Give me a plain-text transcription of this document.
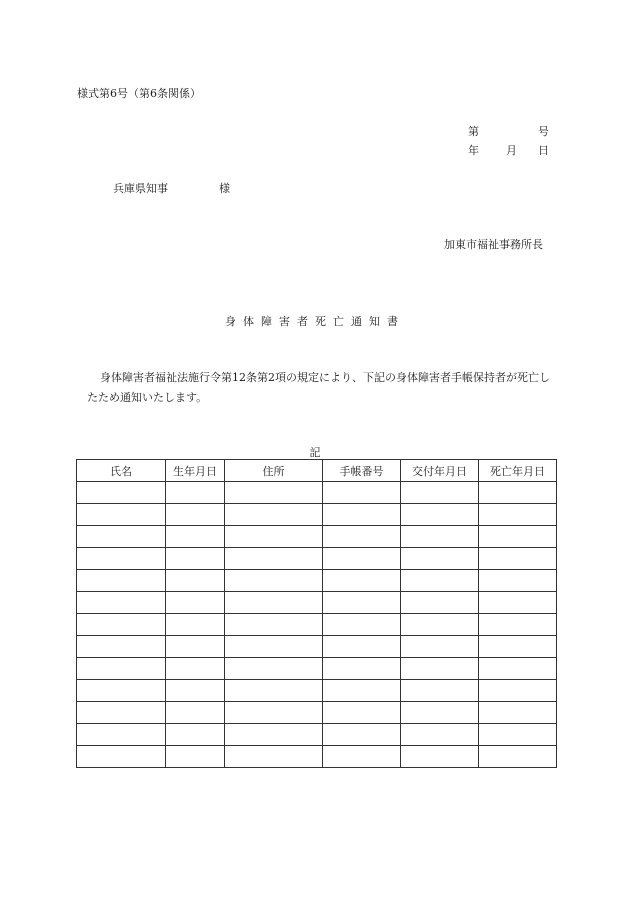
様式第6号（第6条関係）
第	号
年 月 日
兵庫県知事	様
加東市福祉事務所長
身体障害者死亡通知書
身体障害者福祉法施行令第12条第2項の規定により、下記の身体障害者手帳保持者が死亡したため通知いたします。
記
氏名	生年月日	住所	手帳番号	交付年月日	死亡年月日
